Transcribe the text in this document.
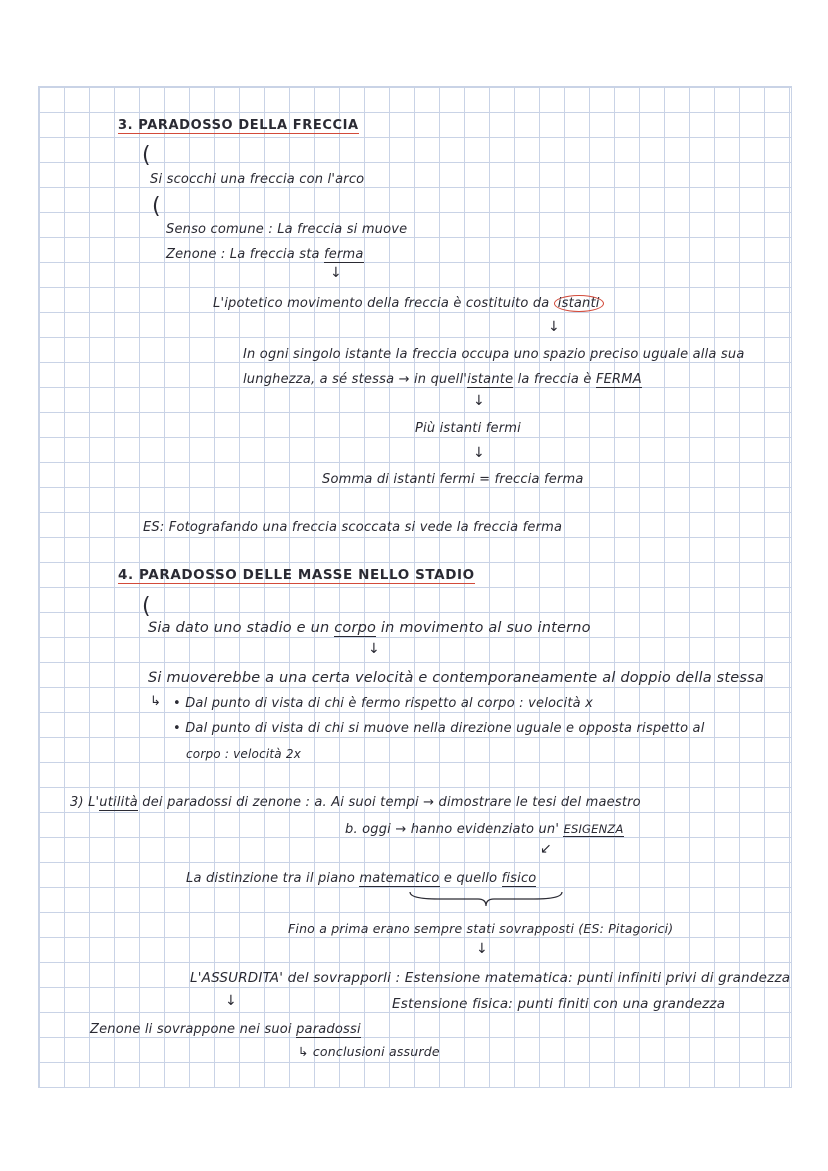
3. PARADOSSO DELLA FRECCIA
(
Si scocchi una freccia con l'arco
(
Senso comune : La freccia si muove
Zenone : La freccia sta ferma
↓
L'ipotetico movimento della freccia è costituito da istanti
↓
In ogni singolo istante la freccia occupa uno spazio preciso uguale alla sua
lunghezza, a sé stessa → in quell'istante la freccia è FERMA
↓
Più istanti fermi
↓
Somma di istanti fermi = freccia ferma
ES: Fotografando una freccia scoccata si vede la freccia ferma
4. PARADOSSO DELLE MASSE NELLO STADIO
(
Sia dato uno stadio e un corpo in movimento al suo interno
↓
Si muoverebbe a una certa velocità e contemporaneamente al doppio della stessa
↳ • Dal punto di vista di chi è fermo rispetto al corpo : velocità x
• Dal punto di vista di chi si muove nella direzione uguale e opposta rispetto al
corpo : velocità 2x
3) L'utilità dei paradossi di zenone : a. Ai suoi tempi → dimostrare le tesi del maestro
b. oggi → hanno evidenziato un' ESIGENZA
↙
La distinzione tra il piano matematico e quello fisico
Fino a prima erano sempre stati sovrapposti (ES: Pitagorici)
↓
L'ASSURDITA' del sovrapporli : Estensione matematica: punti infiniti privi di grandezza
↓	Estensione fisica: punti finiti con una grandezza
Zenone li sovrappone nei suoi paradossi
↳ conclusioni assurde
